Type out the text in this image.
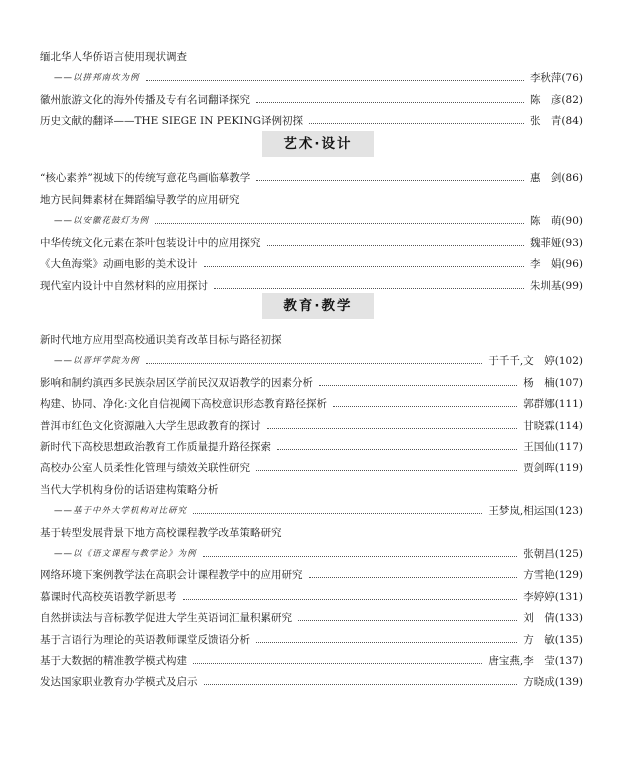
缅北华人华侨语言使用现状调查
——以拼邦南坎为例	李秋萍(76)
徽州旅游文化的海外传播及专有名词翻译探究	陈　彦(82)
历史文献的翻译——THE SIEGE IN PEKING译例初探	张　青(84)
艺术·设计
“核心素养”视域下的传统写意花鸟画临摹教学	惠　剑(86)
地方民间舞素材在舞蹈编导教学的应用研究
——以安徽花鼓灯为例	陈　萌(90)
中华传统文化元素在茶叶包装设计中的应用探究	魏菲娅(93)
《大鱼海棠》动画电影的美术设计	李　娟(96)
现代室内设计中自然材料的应用探讨	朱圳基(99)
教育·教学
新时代地方应用型高校通识美育改革目标与路径初探
——以晋坪学院为例	于千千,文　婷(102)
影响和制约滇西多民族杂居区学前民汉双语教学的因素分析	杨　楠(107)
构建、协同、净化:文化自信视阈下高校意识形态教育路径探析	郭群娜(111)
普洱市红色文化资源融入大学生思政教育的探讨	甘晓霖(114)
新时代下高校思想政治教育工作质量提升路径探索	王国仙(117)
高校办公室人员柔性化管理与绩效关联性研究	贾剑晖(119)
当代大学机构身份的话语建构策略分析
——基于中外大学机构对比研究	王梦岚,相运国(123)
基于转型发展背景下地方高校课程教学改革策略研究
——以《语文课程与教学论》为例	张朝昌(125)
网络环境下案例教学法在高职会计课程教学中的应用研究	方雪艳(129)
慕课时代高校英语教学新思考	李婷婷(131)
自然拼读法与音标教学促进大学生英语词汇量积累研究	刘　倩(133)
基于言语行为理论的英语教师课堂反馈语分析	方　敏(135)
基于大数据的精准教学模式构建	唐宝燕,李　莹(137)
发达国家职业教育办学模式及启示	方晓成(139)
